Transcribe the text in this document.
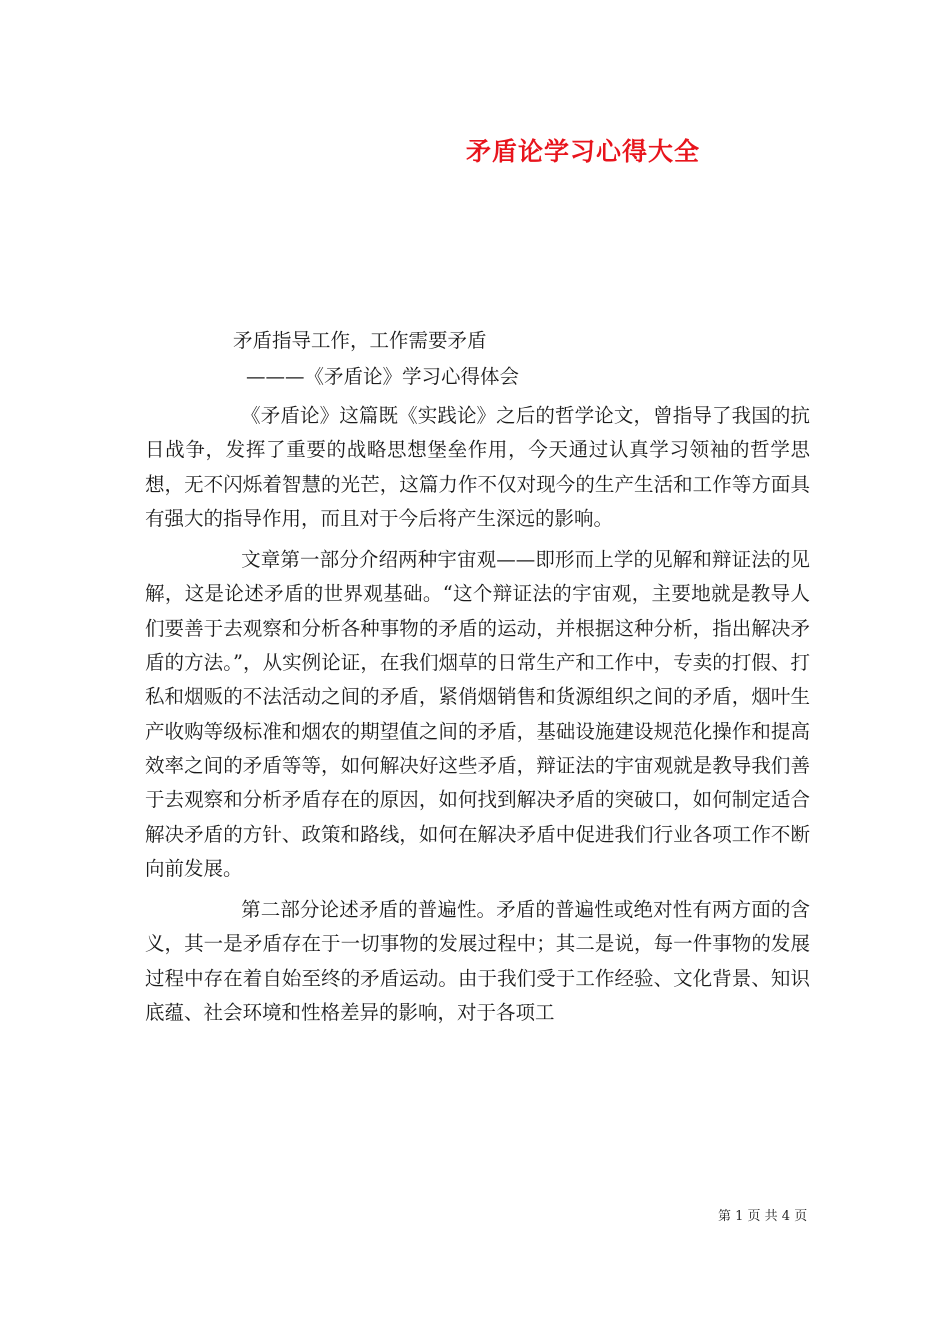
矛盾论学习心得大全
矛盾指导工作，工作需要矛盾
———《矛盾论》学习心得体会

《矛盾论》这篇既《实践论》之后的哲学论文，曾指导了我国的抗日战争，发挥了重要的战略思想堡垒作用，今天通过认真学习领袖的哲学思想，无不闪烁着智慧的光芒，这篇力作不仅对现今的生产生活和工作等方面具有强大的指导作用，而且对于今后将产生深远的影响。

文章第一部分介绍两种宇宙观——即形而上学的见解和辩证法的见解，这是论述矛盾的世界观基础。“这个辩证法的宇宙观，主要地就是教导人们要善于去观察和分析各种事物的矛盾的运动，并根据这种分析，指出解决矛盾的方法。”，从实例论证，在我们烟草的日常生产和工作中，专卖的打假、打私和烟贩的不法活动之间的矛盾，紧俏烟销售和货源组织之间的矛盾，烟叶生产收购等级标准和烟农的期望值之间的矛盾，基础设施建设规范化操作和提高效率之间的矛盾等等，如何解决好这些矛盾，辩证法的宇宙观就是教导我们善于去观察和分析矛盾存在的原因，如何找到解决矛盾的突破口，如何制定适合解决矛盾的方针、政策和路线，如何在解决矛盾中促进我们行业各项工作不断向前发展。

第二部分论述矛盾的普遍性。矛盾的普遍性或绝对性有两方面的含义，其一是矛盾存在于一切事物的发展过程中；其二是说，每一件事物的发展过程中存在着自始至终的矛盾运动。由于我们受于工作经验、文化背景、知识底蕴、社会环境和性格差异的影响，对于各项工

第 1 页 共 4 页
